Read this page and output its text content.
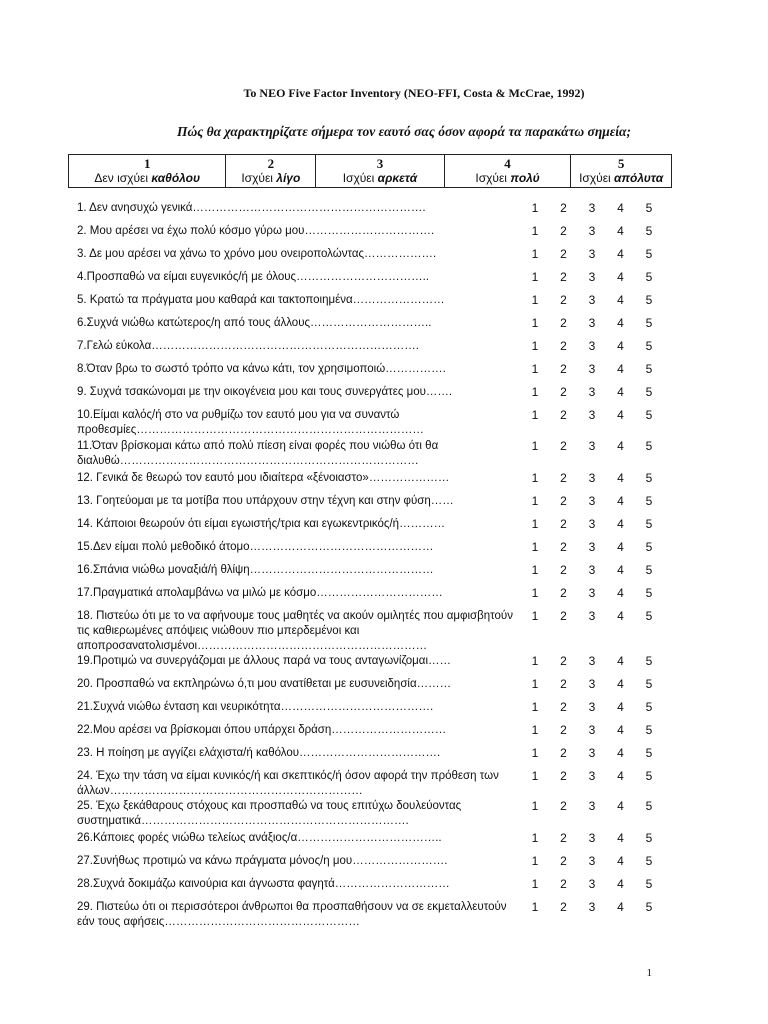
To NEO Five Factor Inventory (NEO-FFI, Costa & McCrae, 1992)
Πώς θα χαρακτηρίζατε σήμερα τον εαυτό σας όσον αφορά τα παρακάτω σημεία;
1
Δεν ισχύει καθόλου
2
Ισχύει λίγο
3
Ισχύει αρκετά
4
Ισχύει πολύ
5
Ισχύει απόλυτα
1. Δεν ανησυχώ γενικά…………………………………………………….	1	2	3	4	5
2. Μου αρέσει να έχω πολύ κόσμο γύρω μου…………………………….	1	2	3	4	5
3. Δε μου αρέσει να χάνω το χρόνο μου ονειροπολώντας……………….	1	2	3	4	5
4.Προσπαθώ να είμαι ευγενικός/ή με όλους……………………………..	1	2	3	4	5
5. Κρατώ τα πράγματα μου καθαρά και τακτοποιημένα……………………	1	2	3	4	5
6.Συχνά νιώθω κατώτερος/η από τους άλλους…………………………..	1	2	3	4	5
7.Γελώ εύκολα…………………………………………………………….	1	2	3	4	5
8.Όταν βρω το σωστό τρόπο να κάνω κάτι, τον χρησιμοποιώ…………….	1	2	3	4	5
9. Συχνά τσακώνομαι με την οικογένεια μου και τους συνεργάτες μου…….	1	2	3	4	5
10.Είμαι καλός/ή στο να ρυθμίζω τον εαυτό μου για να συναντώ προθεσμίες…………………………………………………………………
1	2	3	4	5
11.Όταν βρίσκομαι κάτω από πολύ πίεση είναι φορές που νιώθω ότι θα διαλυθώ……………………………………………………………………
1	2	3	4	5
12. Γενικά δε θεωρώ τον εαυτό μου ιδιαίτερα «ξένοιαστο»…………………	1	2	3	4	5
13. Γοητεύομαι με τα μοτίβα που υπάρχουν στην τέχνη και στην φύση……	1	2	3	4	5
14. Κάποιοι θεωρούν ότι είμαι εγωιστής/τρια και εγωκεντρικός/ή…………	1	2	3	4	5
15.Δεν είμαι πολύ μεθοδικό άτομο…………………………………………	1	2	3	4	5
16.Σπάνια νιώθω μοναξιά/ή θλίψη…………………………………………	1	2	3	4	5
17.Πραγματικά απολαμβάνω να μιλώ με κόσμο……………………………	1	2	3	4	5
18. Πιστεύω ότι με το να αφήνουμε τους μαθητές να ακούν ομιλητές που αμφισβητούν τις καθιερωμένες απόψεις νιώθουν πιο μπερδεμένοι και αποπροσανατολισμένοι……………………………………………………
1	2	3	4	5
19.Προτιμώ να συνεργάζομαι με άλλους παρά να τους ανταγωνίζομαι……	1	2	3	4	5
20. Προσπαθώ να εκπληρώνω ό,τι μου ανατίθεται με ευσυνειδησία………	1	2	3	4	5
21.Συχνά νιώθω ένταση και νευρικότητα………………………………….	1	2	3	4	5
22.Μου αρέσει να βρίσκομαι όπου υπάρχει δράση…………………………	1	2	3	4	5
23. Η ποίηση με αγγίζει ελάχιστα/ή καθόλου……………………………….	1	2	3	4	5
24. Έχω την τάση να είμαι κυνικός/ή και σκεπτικός/ή όσον αφορά την πρόθεση των άλλων…………………………………………………………
1	2	3	4	5
25. Έχω ξεκάθαρους στόχους και προσπαθώ να τους επιτύχω δουλεύοντας συστηματικά…………………………………………………………….
1	2	3	4	5
26.Κάποιες φορές νιώθω τελείως ανάξιος/α………………………………..	1	2	3	4	5
27.Συνήθως προτιμώ να κάνω πράγματα μόνος/η μου…………………….	1	2	3	4	5
28.Συχνά δοκιμάζω καινούρια και άγνωστα φαγητά…………………………	1	2	3	4	5
29. Πιστεύω ότι οι περισσότεροι άνθρωποι θα προσπαθήσουν να σε εκμεταλλευτούν εάν τους αφήσεις……………………………………………
1	2	3	4	5
1
